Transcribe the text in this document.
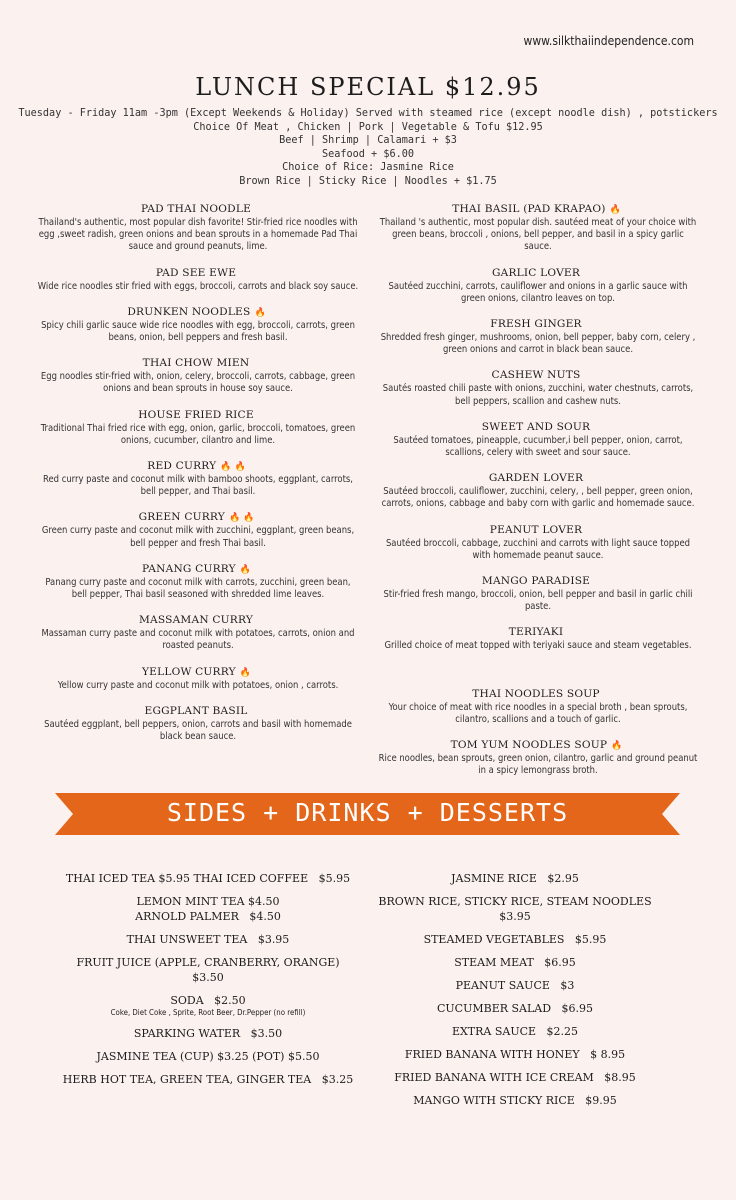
www.silkthaiindependence.com
LUNCH SPECIAL $12.95
Tuesday - Friday 11am -3pm (Except Weekends & Holiday) Served with steamed rice (except noodle dish) , potstickers
Choice Of Meat , Chicken | Pork | Vegetable & Tofu $12.95
Beef | Shrimp | Calamari + $3
Seafood + $6.00
Choice of Rice: Jasmine Rice
Brown Rice | Sticky Rice | Noodles + $1.75
PAD THAI NOODLE
Thailand's authentic, most popular dish favorite! Stir-fried rice noodles with egg ,sweet radish, green onions and bean sprouts in a homemade Pad Thai sauce and ground peanuts, lime.
PAD SEE EWE
Wide rice noodles stir fried with eggs, broccoli, carrots and black soy sauce.
DRUNKEN NOODLES 🔥
Spicy chili garlic sauce wide rice noodles with egg, broccoli, carrots, green beans, onion, bell peppers and fresh basil.
THAI CHOW MIEN
Egg noodles stir-fried with, onion, celery, broccoli, carrots, cabbage, green onions and bean sprouts in house soy sauce.
HOUSE FRIED RICE
Traditional Thai fried rice with egg, onion, garlic, broccoli, tomatoes, green onions, cucumber, cilantro and lime.
RED CURRY 🔥🔥
Red curry paste and coconut milk with bamboo shoots, eggplant, carrots, bell pepper, and Thai basil.
GREEN CURRY 🔥🔥
Green curry paste and coconut milk with zucchini, eggplant, green beans, bell pepper and fresh Thai basil.
PANANG CURRY 🔥
Panang curry paste and coconut milk with carrots, zucchini, green bean, bell pepper, Thai basil seasoned with shredded lime leaves.
MASSAMAN CURRY
Massaman curry paste and coconut milk with potatoes, carrots, onion and roasted peanuts.
YELLOW CURRY 🔥
Yellow curry paste and coconut milk with potatoes, onion , carrots.
EGGPLANT BASIL
Sautéed eggplant, bell peppers, onion, carrots and basil with homemade black bean sauce.
THAI BASIL (PAD KRAPAO) 🔥
Thailand 's authentic, most popular dish. sautéed meat of your choice with green beans, broccoli , onions, bell pepper, and basil in a spicy garlic sauce.
GARLIC LOVER
Sautéed zucchini, carrots, cauliflower and onions in a garlic sauce with green onions, cilantro leaves on top.
FRESH GINGER
Shredded fresh ginger, mushrooms, onion, bell pepper, baby corn, celery , green onions and carrot in black bean sauce.
CASHEW NUTS
Sautés roasted chili paste with onions, zucchini, water chestnuts, carrots, bell peppers, scallion and cashew nuts.
SWEET AND SOUR
Sautéed tomatoes, pineapple, cucumber,i bell pepper, onion, carrot, scallions, celery with sweet and sour sauce.
GARDEN LOVER
Sautéed broccoli, cauliflower, zucchini, celery, , bell pepper, green onion, carrots, onions, cabbage and baby corn with garlic and homemade sauce.
PEANUT LOVER
Sautéed broccoli, cabbage, zucchini and carrots with light sauce topped with homemade peanut sauce.
MANGO PARADISE
Stir-fried fresh mango, broccoli, onion, bell pepper and basil in garlic chili paste.
TERIYAKI
Grilled choice of meat topped with teriyaki sauce and steam vegetables.
THAI NOODLES SOUP
Your choice of meat with rice noodles in a special broth , bean sprouts, cilantro, scallions and a touch of garlic.
TOM YUM NOODLES SOUP 🔥
Rice noodles, bean sprouts, green onion, cilantro, garlic and ground peanut in a spicy lemongrass broth.
SIDES + DRINKS + DESSERTS
THAI ICED TEA $5.95 THAI ICED COFFEE   $5.95
LEMON MINT TEA $4.50
ARNOLD PALMER   $4.50
THAI UNSWEET TEA   $3.95
FRUIT JUICE (APPLE, CRANBERRY, ORANGE)
$3.50
SODA   $2.50
Coke, Diet Coke , Sprite, Root Beer, Dr.Pepper (no refill)
SPARKING WATER   $3.50
JASMINE TEA (CUP) $3.25 (POT) $5.50
HERB HOT TEA, GREEN TEA, GINGER TEA   $3.25
JASMINE RICE   $2.95
BROWN RICE, STICKY RICE, STEAM NOODLES
$3.95
STEAMED VEGETABLES   $5.95
STEAM MEAT   $6.95
PEANUT SAUCE   $3
CUCUMBER SALAD   $6.95
EXTRA SAUCE   $2.25
FRIED BANANA WITH HONEY   $ 8.95
FRIED BANANA WITH ICE CREAM   $8.95
MANGO WITH STICKY RICE   $9.95
